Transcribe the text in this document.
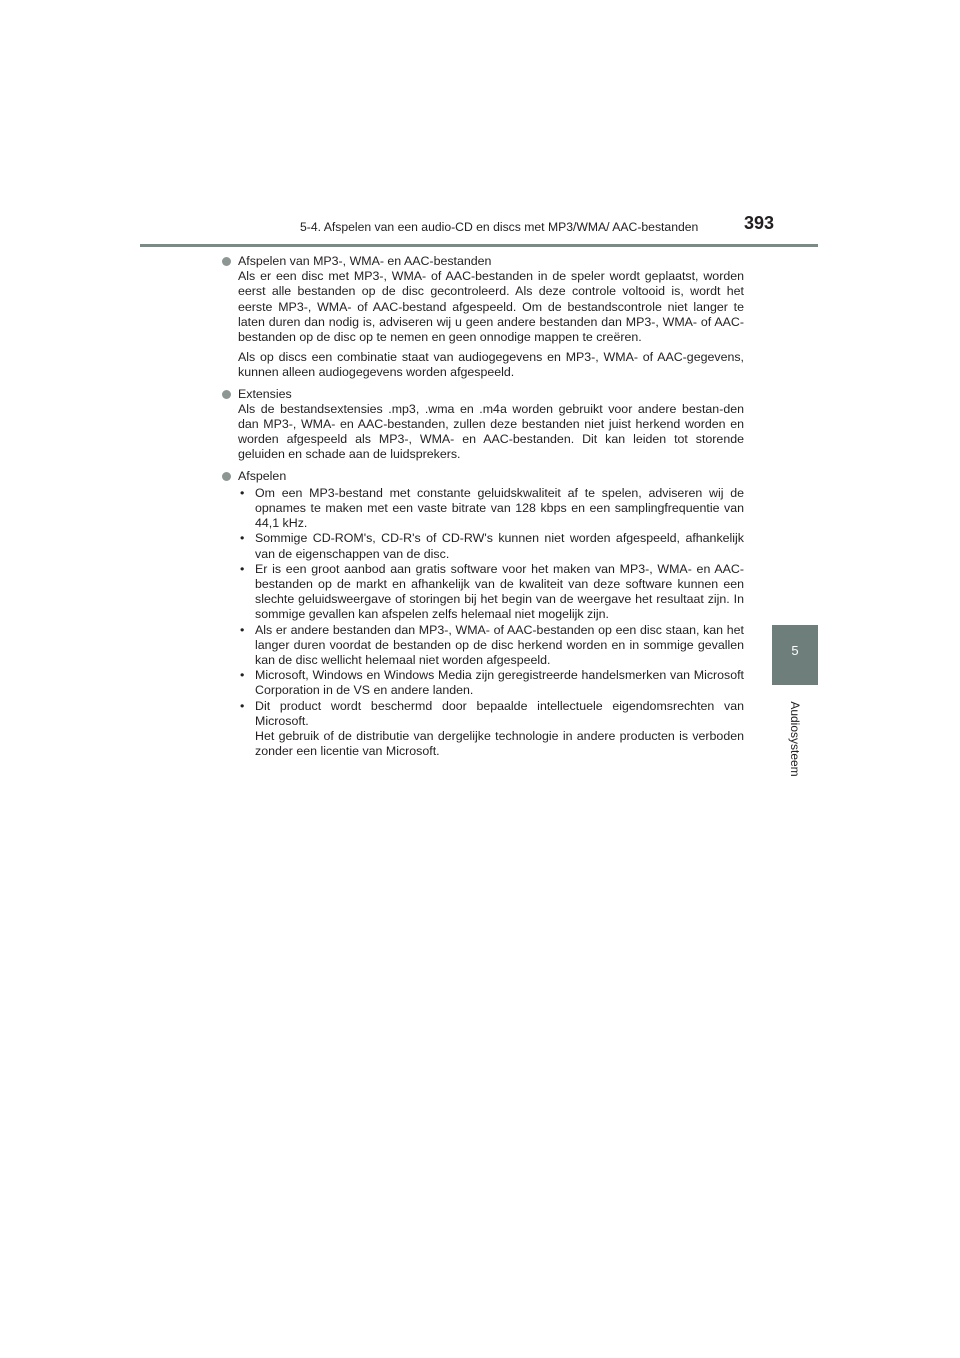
5-4. Afspelen van een audio-CD en discs met MP3/WMA/ AAC-bestanden	393
5
Audiosysteem
Afspelen van MP3-, WMA- en AAC-bestanden

Als er een disc met MP3-, WMA- of AAC-bestanden in de speler wordt geplaatst, worden eerst alle bestanden op de disc gecontroleerd. Als deze controle voltooid is, wordt het eerste MP3-, WMA- of AAC-bestand afgespeeld. Om de bestandscontrole niet langer te laten duren dan nodig is, adviseren wij u geen andere bestanden dan MP3-, WMA- of AAC-bestanden op de disc op te nemen en geen onnodige mappen te creëren.

Als op discs een combinatie staat van audiogegevens en MP3-, WMA- of AAC-gegevens, kunnen alleen audiogegevens worden afgespeeld.

Extensies

Als de bestandsextensies .mp3, .wma en .m4a worden gebruikt voor andere bestan-den dan MP3-, WMA- en AAC-bestanden, zullen deze bestanden niet juist herkend worden en worden afgespeeld als MP3-, WMA- en AAC-bestanden. Dit kan leiden tot storende geluiden en schade aan de luidsprekers.

Afspelen
• Om een MP3-bestand met constante geluidskwaliteit af te spelen, adviseren wij de opnames te maken met een vaste bitrate van 128 kbps en een samplingfrequentie van 44,1 kHz.
• Sommige CD-ROM's, CD-R's of CD-RW's kunnen niet worden afgespeeld, afhankelijk van de eigenschappen van de disc.
• Er is een groot aanbod aan gratis software voor het maken van MP3-, WMA- en AAC-bestanden op de markt en afhankelijk van de kwaliteit van deze software kunnen een slechte geluidsweergave of storingen bij het begin van de weergave het resultaat zijn. In sommige gevallen kan afspelen zelfs helemaal niet mogelijk zijn.
• Als er andere bestanden dan MP3-, WMA- of AAC-bestanden op een disc staan, kan het langer duren voordat de bestanden op de disc herkend worden en in sommige gevallen kan de disc wellicht helemaal niet worden afgespeeld.
• Microsoft, Windows en Windows Media zijn geregistreerde handelsmerken van Microsoft Corporation in de VS en andere landen.
• Dit product wordt beschermd door bepaalde intellectuele eigendomsrechten van Microsoft.
Het gebruik of de distributie van dergelijke technologie in andere producten is verboden zonder een licentie van Microsoft.
